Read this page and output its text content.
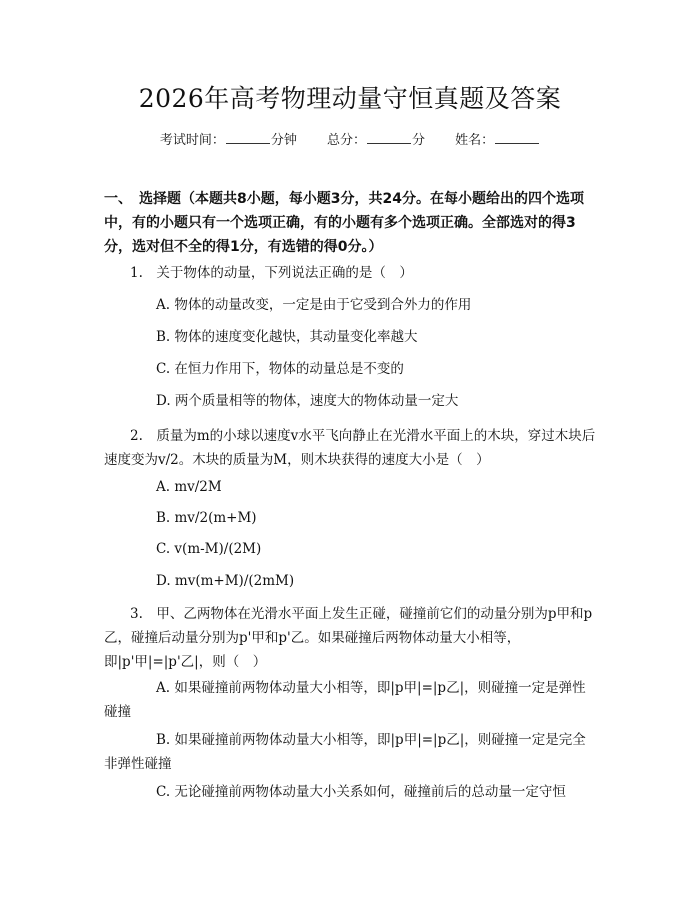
2026年高考物理动量守恒真题及答案
考试时间：	分钟 总分：	分 姓名：
一、　选择题（本题共8小题，每小题3分，共24分。在每小题给出的四个选项中，有的小题只有一个选项正确，有的小题有多个选项正确。全部选对的得3分，选对但不全的得1分，有选错的得0分。）
1.　关于物体的动量，下列说法正确的是（　）
A. 物体的动量改变，一定是由于它受到合外力的作用
B. 物体的速度变化越快，其动量变化率越大
C. 在恒力作用下，物体的动量总是不变的
D. 两个质量相等的物体，速度大的物体动量一定大
2.　质量为m的小球以速度v水平飞向静止在光滑水平面上的木块，穿过木块后速度变为v/2。木块的质量为M，则木块获得的速度大小是（　）
A. mv/2M
B. mv/2(m+M)
C. v(m-M)/(2M)
D. mv(m+M)/(2mM)
3.　甲、乙两物体在光滑水平面上发生正碰，碰撞前它们的动量分别为p甲和p乙，碰撞后动量分别为p'甲和p'乙。如果碰撞后两物体动量大小相等，即|p'甲|=|p'乙|，则（　）
A. 如果碰撞前两物体动量大小相等，即|p甲|=|p乙|，则碰撞一定是弹性碰撞
B. 如果碰撞前两物体动量大小相等，即|p甲|=|p乙|，则碰撞一定是完全非弹性碰撞
C. 无论碰撞前两物体动量大小关系如何，碰撞前后的总动量一定守恒
